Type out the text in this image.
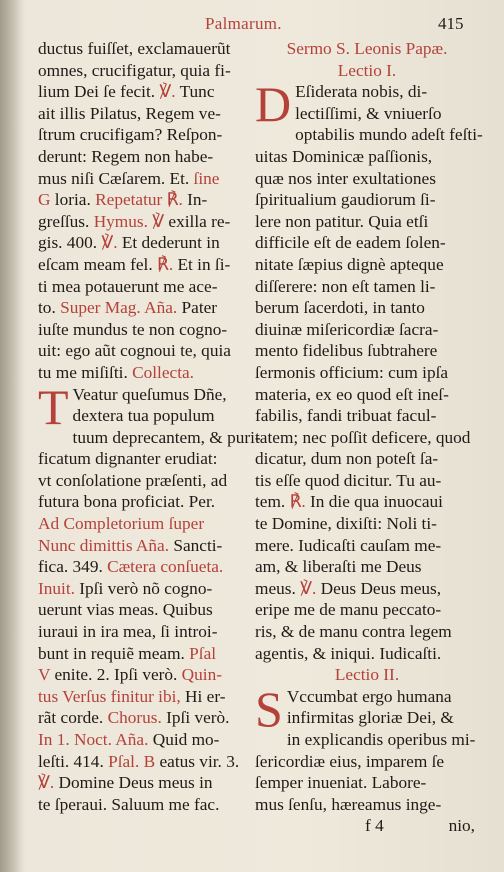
Palmarum.	415
ductus fuiſſet, exclamauerũt
omnes, crucifigatur, quia fi-
lium Dei ſe fecit. ℣. Tunc
ait illis Pilatus, Regem ve-
ſtrum crucifigam? Reſpon-
derunt: Regem non habe-
mus niſi Cæſarem. Et. ſine
G loria. Repetatur ℟. In-
greſſus. Hymus. ℣ exilla re-
gis. 400. ℣. Et dederunt in
eſcam meam fel. ℟. Et in ſi-
ti mea potauerunt me ace-
to. Super Mag. Aña. Pater
iuſte mundus te non cogno-
uit: ego aũt cognoui te, quia
tu me miſiſti. Collecta.
T Veatur queſumus Dñe,
dextera tua populum
tuum deprecantem, & puri-
ficatum dignanter erudiat:
vt conſolatione præſenti, ad
futura bona proficiat. Per.
Ad Completorium ſuper
Nunc dimittis Aña. Sancti-
fica. 349. Cætera conſueta.
Inuit. Ipſi verò nõ cogno-
uerunt vias meas. Quibus
iuraui in ira mea, ſi introi-
bunt in requiẽ meam. Pſal
V enite. 2. Ipſi verò. Quin-
tus Verſus finitur ibi, Hi er-
rãt corde. Chorus. Ipſi verò.
In 1. Noct. Aña. Quid mo-
leſti. 414. Pſal. B eatus vir. 3.
℣. Domine Deus meus in
te ſperaui. Saluum me fac.
Sermo S. Leonis Papæ.
Lectio I.
D Eſiderata nobis, di-
lectiſſimi, & vniuerſo
optabilis mundo adeſt feſti-
uitas Dominicæ paſſionis,
quæ nos inter exultationes
ſpiritualium gaudiorum ſi-
lere non patitur. Quia etſi
difficile eſt de eadem ſolen-
nitate ſæpius dignè apteque
diſſerere: non eſt tamen li-
berum ſacerdoti, in tanto
diuinæ miſericordiæ ſacra-
mento fidelibus ſubtrahere
ſermonis officium: cum ipſa
materia, ex eo quod eſt ineſ-
fabilis, fandi tribuat facul-
tatem; nec poſſit deficere, quod
dicatur, dum non poteſt ſa-
tis eſſe quod dicitur. Tu au-
tem. ℟. In die qua inuocaui
te Domine, dixiſti: Noli ti-
mere. Iudicaſti cauſam me-
am, & liberaſti me Deus
meus. ℣. Deus Deus meus,
eripe me de manu peccato-
ris, & de manu contra legem
agentis, & iniqui. Iudicaſti.
Lectio II.
S Vccumbat ergo humana
infirmitas gloriæ Dei, &
in explicandis operibus mi-
ſericordiæ eius, imparem ſe
ſemper inueniat. Labore-
mus ſenſu, hæreamus inge-
f 4	nio,
